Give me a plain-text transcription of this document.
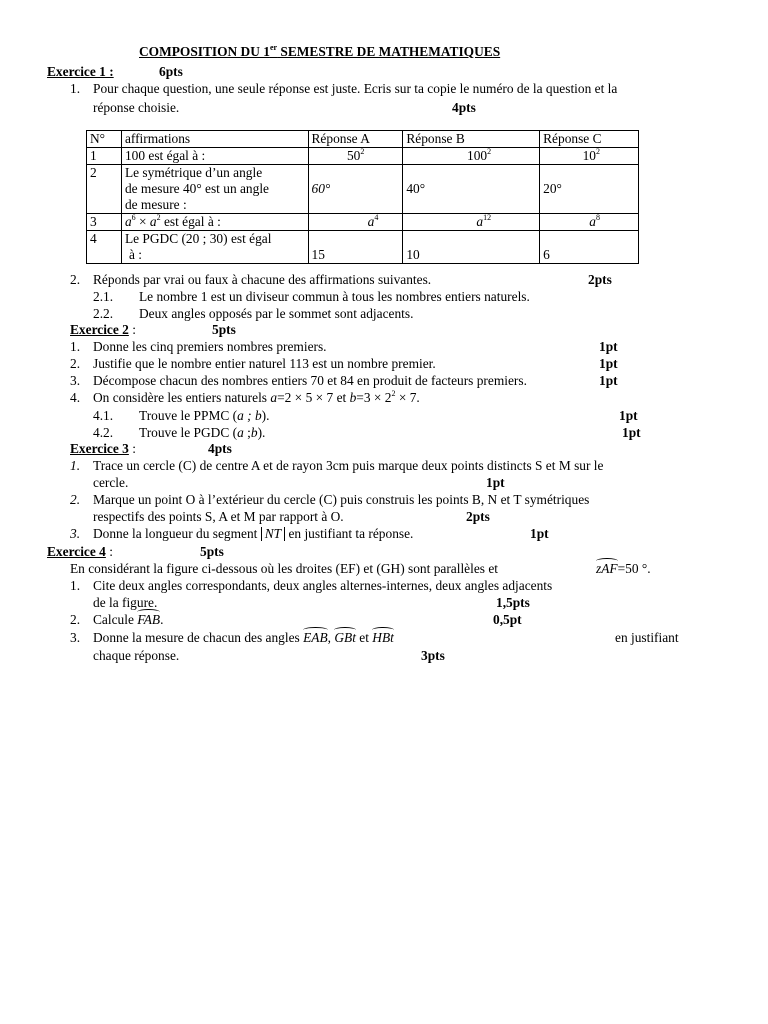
COMPOSITION DU 1er SEMESTRE DE MATHEMATIQUES
Exercice 1 :	6pts
1. Pour chaque question, une seule réponse est juste. Ecris sur ta copie le numéro de la question et la
réponse choisie.	4pts
N°	affirmations	Réponse A	Réponse B	Réponse C
1	100 est égal à :	$50^2$	$100^2$	$10^2$
2	Le symétrique d’un angle
de mesure 40° est un angle
de mesure :	60°	40°	20°
3	$a^6 \times a^2$ est égal à :	$a^4$	$a^{12}$	$a^8$
4	Le PGDC (20 ; 30) est égal
à :	15	10	6
2. Réponds par vrai ou faux à chacune des affirmations suivantes.	2pts
2.1. Le nombre 1 est un diviseur commun à tous les nombres entiers naturels.
2.2. Deux angles opposés par le sommet sont adjacents.
Exercice 2 :	5pts
1. Donne les cinq premiers nombres premiers.	1pt
2. Justifie que le nombre entier naturel 113 est un nombre premier.	1pt
3. Décompose chacun des nombres entiers 70 et 84 en produit de facteurs premiers.	1pt
4. On considère les entiers naturels a=2 × 5 × 7 et $b=3 \times 2^2 \times 7$.
4.1. Trouve le PPMC (a ; b).	1pt
4.2. Trouve le PGDC (a ;b).	1pt
Exercice 3 :	4pts
1. Trace un cercle (C) de centre A et de rayon 3cm puis marque deux points distincts S et M sur le
cercle.	1pt
2. Marque un point O à l’extérieur du cercle (C) puis construis les points B, N et T symétriques
respectifs des points S, A et M par rapport à O.	2pts
3. Donne la longueur du segment NT en justifiant ta réponse.	1pt
Exercice 4 :	5pts
En considérant la figure ci-dessous où les droites (EF) et (GH) sont parallèles et	zAF=50 °.
1. Cite deux angles correspondants, deux angles alternes-internes, deux angles adjacents
de la figure.	1,5pts
2. Calcule FAB.	0,5pt
3. Donne la mesure de chacun des angles EAB, GBt et HBt	en justifiant
chaque réponse.	3pts
